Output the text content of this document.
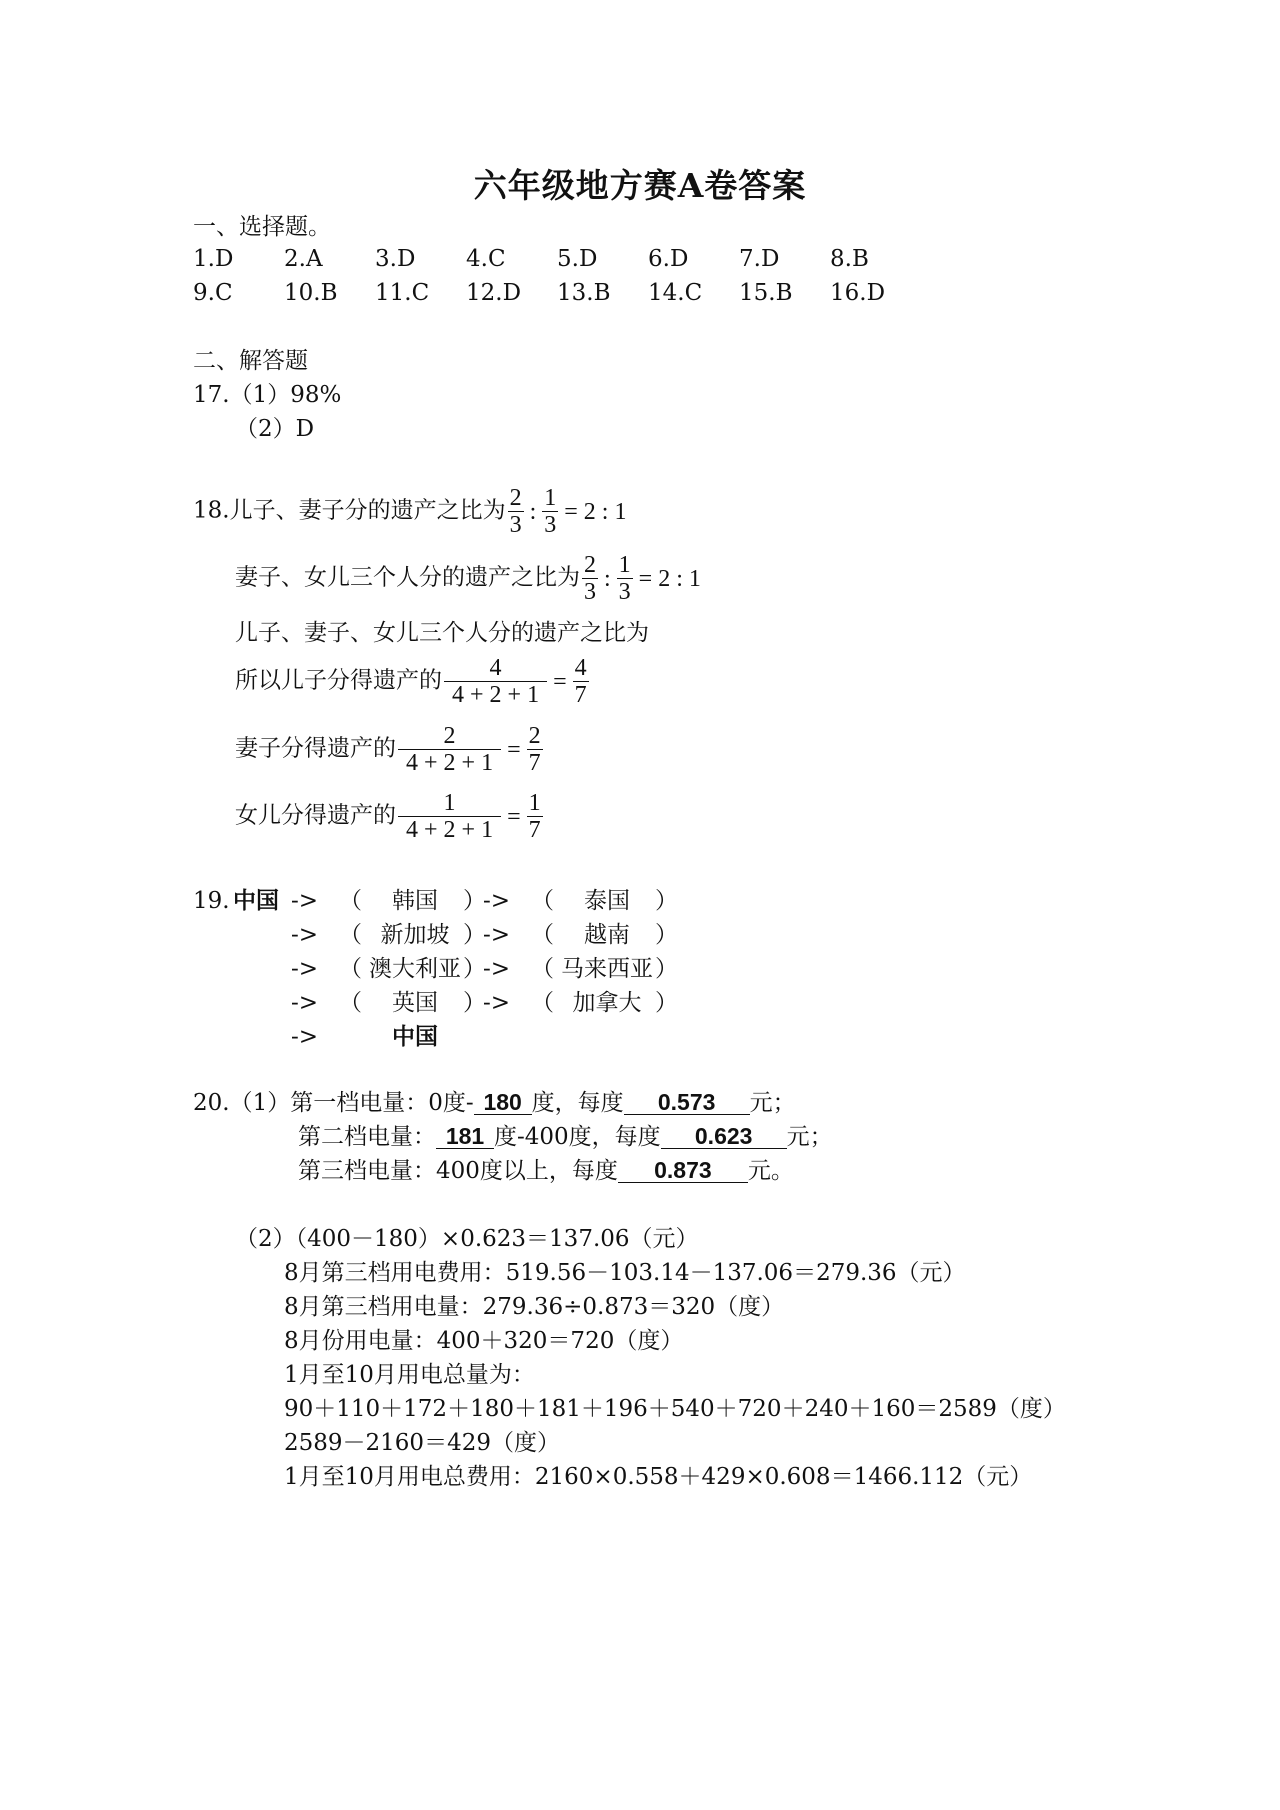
六年级地方赛A卷答案
一、选择题。
1.D 2.A 3.D 4.C 5.D 6.D 7.D 8.B
9.C 10.B 11.C 12.D 13.B 14.C 15.B 16.D
二、解答题
17.（1）98%
（2）D
18.儿子、妻子分的遗产之比为 $\frac{2}{3}$ : $\frac{1}{3} = 2$ : 1
妻子、女儿三个人分的遗产之比为 $\frac{2}{3}$ : $\frac{1}{3} = 2$ : 1
儿子、妻子、女儿三个人分的遗产之比为
所以儿子分得遗产的 $\frac{4}{4 + 2 + 1} = \frac{4}{7}$
妻子分得遗产的 $\frac{2}{4 + 2 + 1} = \frac{2}{7}$
女儿分得遗产的 $\frac{1}{4 + 2 + 1} = \frac{1}{7}$
19. 中国 -> （ 韩国 ）-> （ 泰国 ）
-> （ 新加坡 ）-> （ 越南 ）
-> （ 澳大利亚）-> （ 马来西亚）
-> （ 英国 ）-> （ 加拿大 ）
->	中国
20.（1）第一档电量：0度- 180 度，每度 0.573 元；
第二档电量： 181 度-400度，每度 0.623 元；
第三档电量：400度以上，每度 0.873 元。
（2）（400－180）×0.623＝137.06（元）
8月第三档用电费用：519.56－103.14－137.06＝279.36（元）
8月第三档用电量：279.36÷0.873＝320（度）
8月份用电量：400＋320＝720（度）
1月至10月用电总量为：
90＋110＋172＋180＋181＋196＋540＋720＋240＋160＝2589（度）
2589－2160＝429（度）
1月至10月用电总费用：2160×0.558＋429×0.608＝1466.112（元）
